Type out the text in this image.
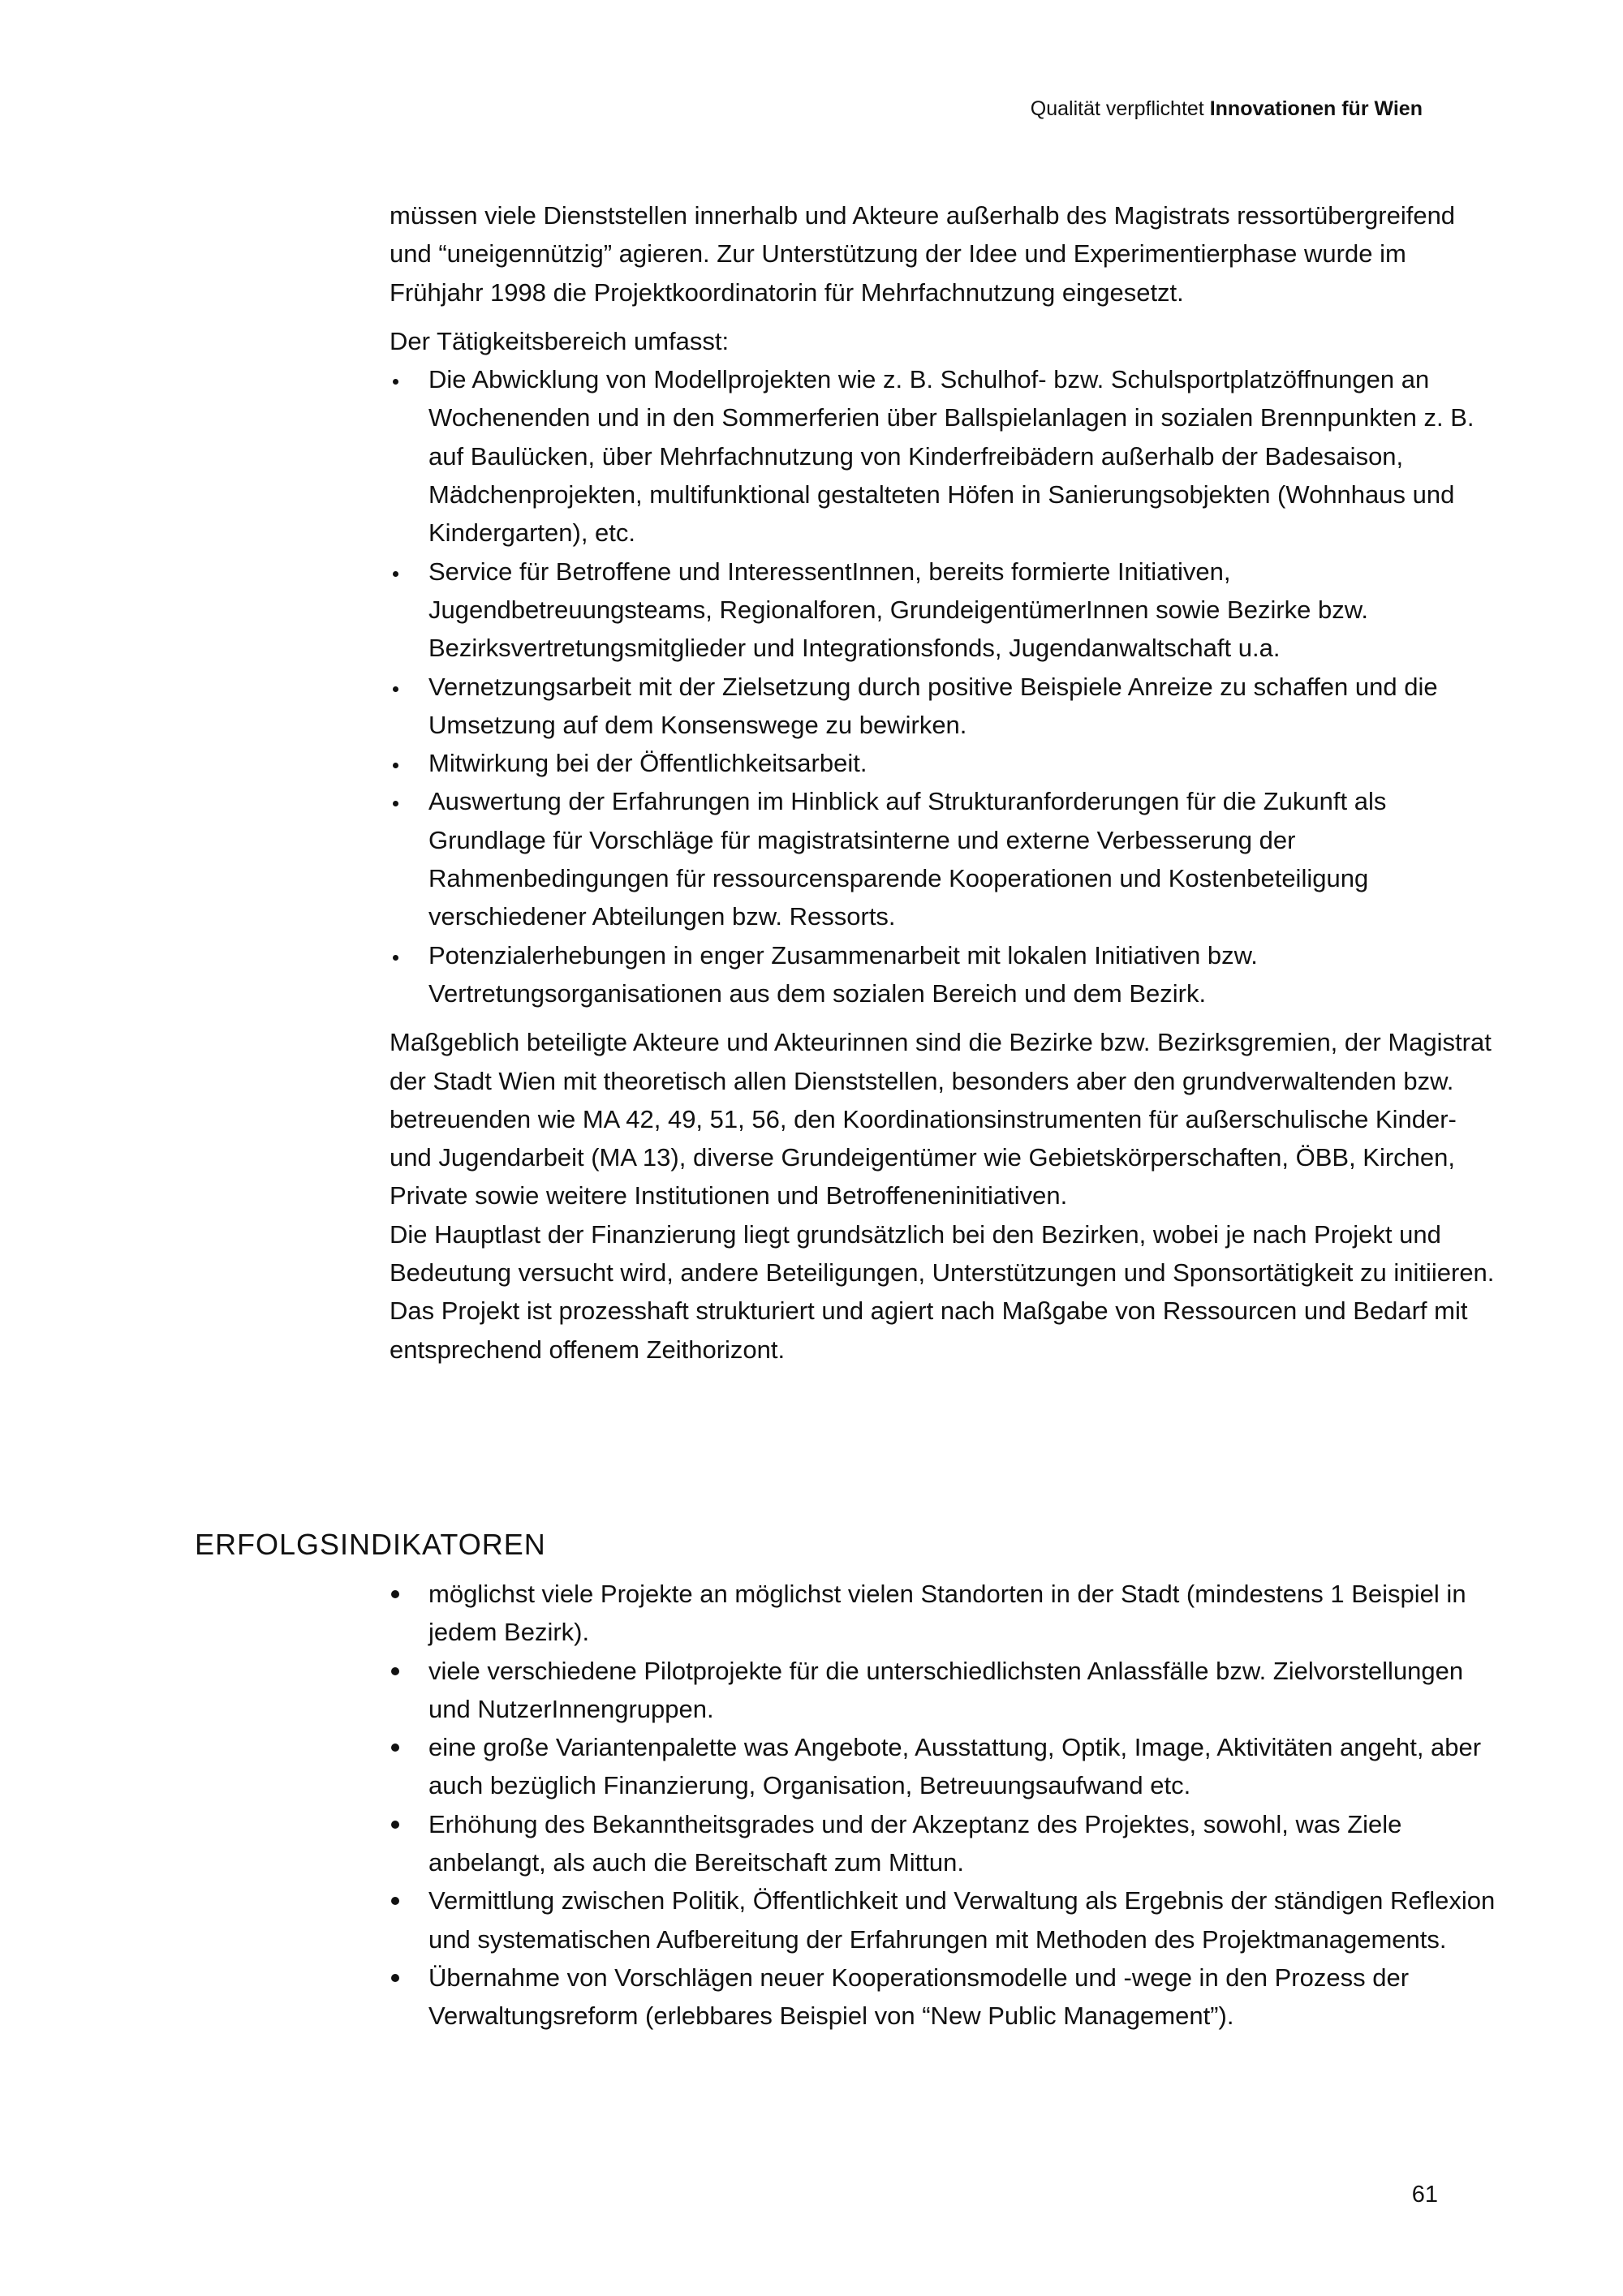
Qualität verpflichtet Innovationen für Wien

müssen viele Dienststellen innerhalb und Akteure außerhalb des Magistrats ressortübergreifend und “uneigennützig” agieren. Zur Unterstützung der Idee und Experimentierphase wurde im Frühjahr 1998 die Projektkoordinatorin für Mehrfachnutzung eingesetzt.

Der Tätigkeitsbereich umfasst:

Die Abwicklung von Modellprojekten wie z. B. Schulhof- bzw. Schulsportplatzöffnungen an Wochenenden und in den Sommerferien über Ballspielanlagen in sozialen Brennpunkten z. B. auf Baulücken, über Mehrfachnutzung von Kinderfreibädern außerhalb der Badesaison, Mädchenprojekten, multifunktional gestalteten Höfen in Sanierungsobjekten (Wohnhaus und Kindergarten), etc.
Service für Betroffene und InteressentInnen, bereits formierte Initiativen, Jugendbetreuungsteams, Regionalforen, GrundeigentümerInnen sowie Bezirke bzw. Bezirksvertretungsmitglieder und Integrationsfonds, Jugendanwaltschaft u.a.
Vernetzungsarbeit mit der Zielsetzung durch positive Beispiele Anreize zu schaffen und die Umsetzung auf dem Konsenswege zu bewirken.
Mitwirkung bei der Öffentlichkeitsarbeit.
Auswertung der Erfahrungen im Hinblick auf Strukturanforderungen für die Zukunft als Grundlage für Vorschläge für magistratsinterne und externe Verbesserung der Rahmenbedingungen für ressourcensparende Kooperationen und Kostenbeteiligung verschiedener Abteilungen bzw. Ressorts.
Potenzialerhebungen in enger Zusammenarbeit mit lokalen Initiativen bzw. Vertretungsorganisationen aus dem sozialen Bereich und dem Bezirk.

Maßgeblich beteiligte Akteure und Akteurinnen sind die Bezirke bzw. Bezirksgremien, der Magistrat der Stadt Wien mit theoretisch allen Dienststellen, besonders aber den grundverwaltenden bzw. betreuenden wie MA 42, 49, 51, 56, den Koordinationsinstrumenten für außerschulische Kinder- und Jugendarbeit (MA 13), diverse Grundeigentümer wie Gebietskörperschaften, ÖBB, Kirchen, Private sowie weitere Institutionen und Betroffeneninitiativen.

Die Hauptlast der Finanzierung liegt grundsätzlich bei den Bezirken, wobei je nach Projekt und Bedeutung versucht wird, andere Beteiligungen, Unterstützungen und Sponsortätigkeit zu initiieren.

Das Projekt ist prozesshaft strukturiert und agiert nach Maßgabe von Ressourcen und Bedarf mit entsprechend offenem Zeithorizont.

ERFOLGSINDIKATOREN
möglichst viele Projekte an möglichst vielen Standorten in der Stadt (mindestens 1 Beispiel in jedem Bezirk).
viele verschiedene Pilotprojekte für die unterschiedlichsten Anlassfälle bzw. Zielvorstellungen und NutzerInnengruppen.
eine große Variantenpalette was Angebote, Ausstattung, Optik, Image, Aktivitäten angeht, aber auch bezüglich Finanzierung, Organisation, Betreuungsaufwand etc.
Erhöhung des Bekanntheitsgrades und der Akzeptanz des Projektes, sowohl, was Ziele anbelangt, als auch die Bereitschaft zum Mittun.
Vermittlung zwischen Politik, Öffentlichkeit und Verwaltung als Ergebnis der ständigen Reflexion und systematischen Aufbereitung der Erfahrungen mit Methoden des Projektmanagements.
Übernahme von Vorschlägen neuer Kooperationsmodelle und -wege in den Prozess der Verwaltungsreform (erlebbares Beispiel von “New Public Management”).
61
